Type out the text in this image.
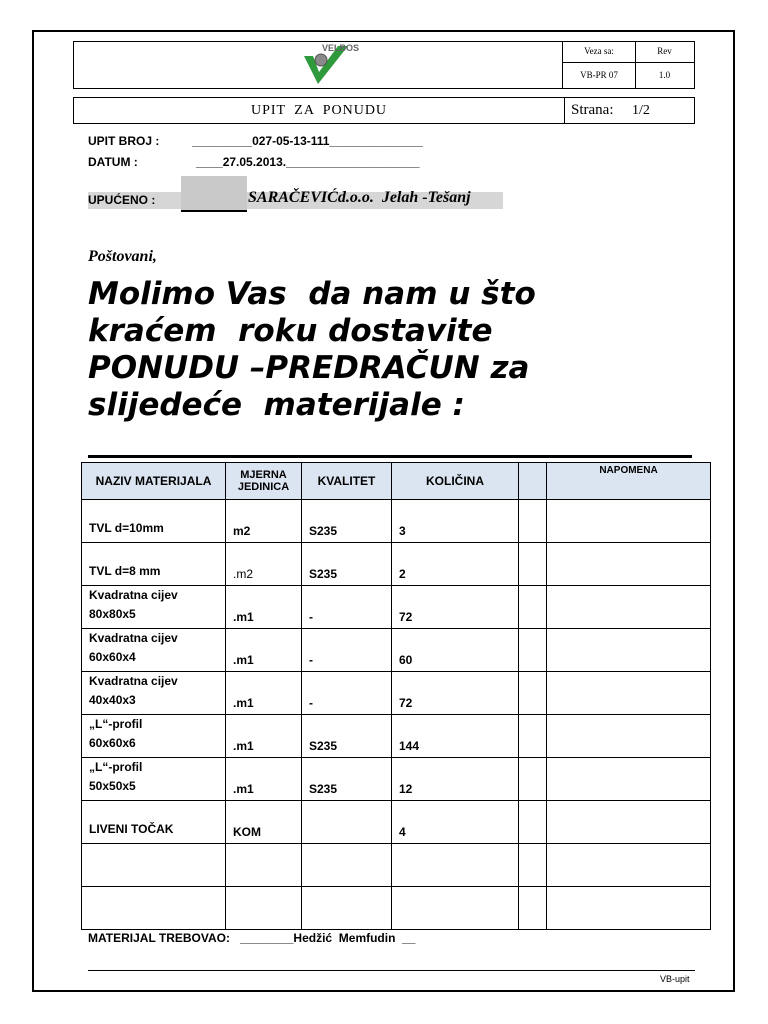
VELBOS	Veza sa:	Rev
VB-PR 07	1.0
UPIT ZA PONUDU	Strana: 1/2
UPIT BROJ :	_________027-05-13-111______________
DATUM :	____27.05.2013.____________________
UPUĆENO :	SARAČEVIĆd.o.o.  Jelah -Tešanj
Poštovani,
Molimo Vas  da nam u što
kraćem  roku dostavite
PONUDU –PREDRAČUN za
slijedeće  materijale :
NAZIV MATERIJALA	MJERNA JEDINICA	KVALITET	KOLIČINA		NAPOMENA

TVL d=10mm	m2	S235	3		

TVL d=8 mm	.m2	S235	2		

Kvadratna cijev
80x80x5	.m1	-	72		

Kvadratna cijev
60x60x4	.m1	-	60		

Kvadratna cijev
40x40x3	.m1	-	72		

„L“-profil
60x60x6	.m1	S235	144		

„L“-profil
50x50x5	.m1	S235	12		

LIVENI TOČAK	KOM		4		

MATERIJAL TREBOVAO: ________Hedžić  Memfudin  __
VB-upit
